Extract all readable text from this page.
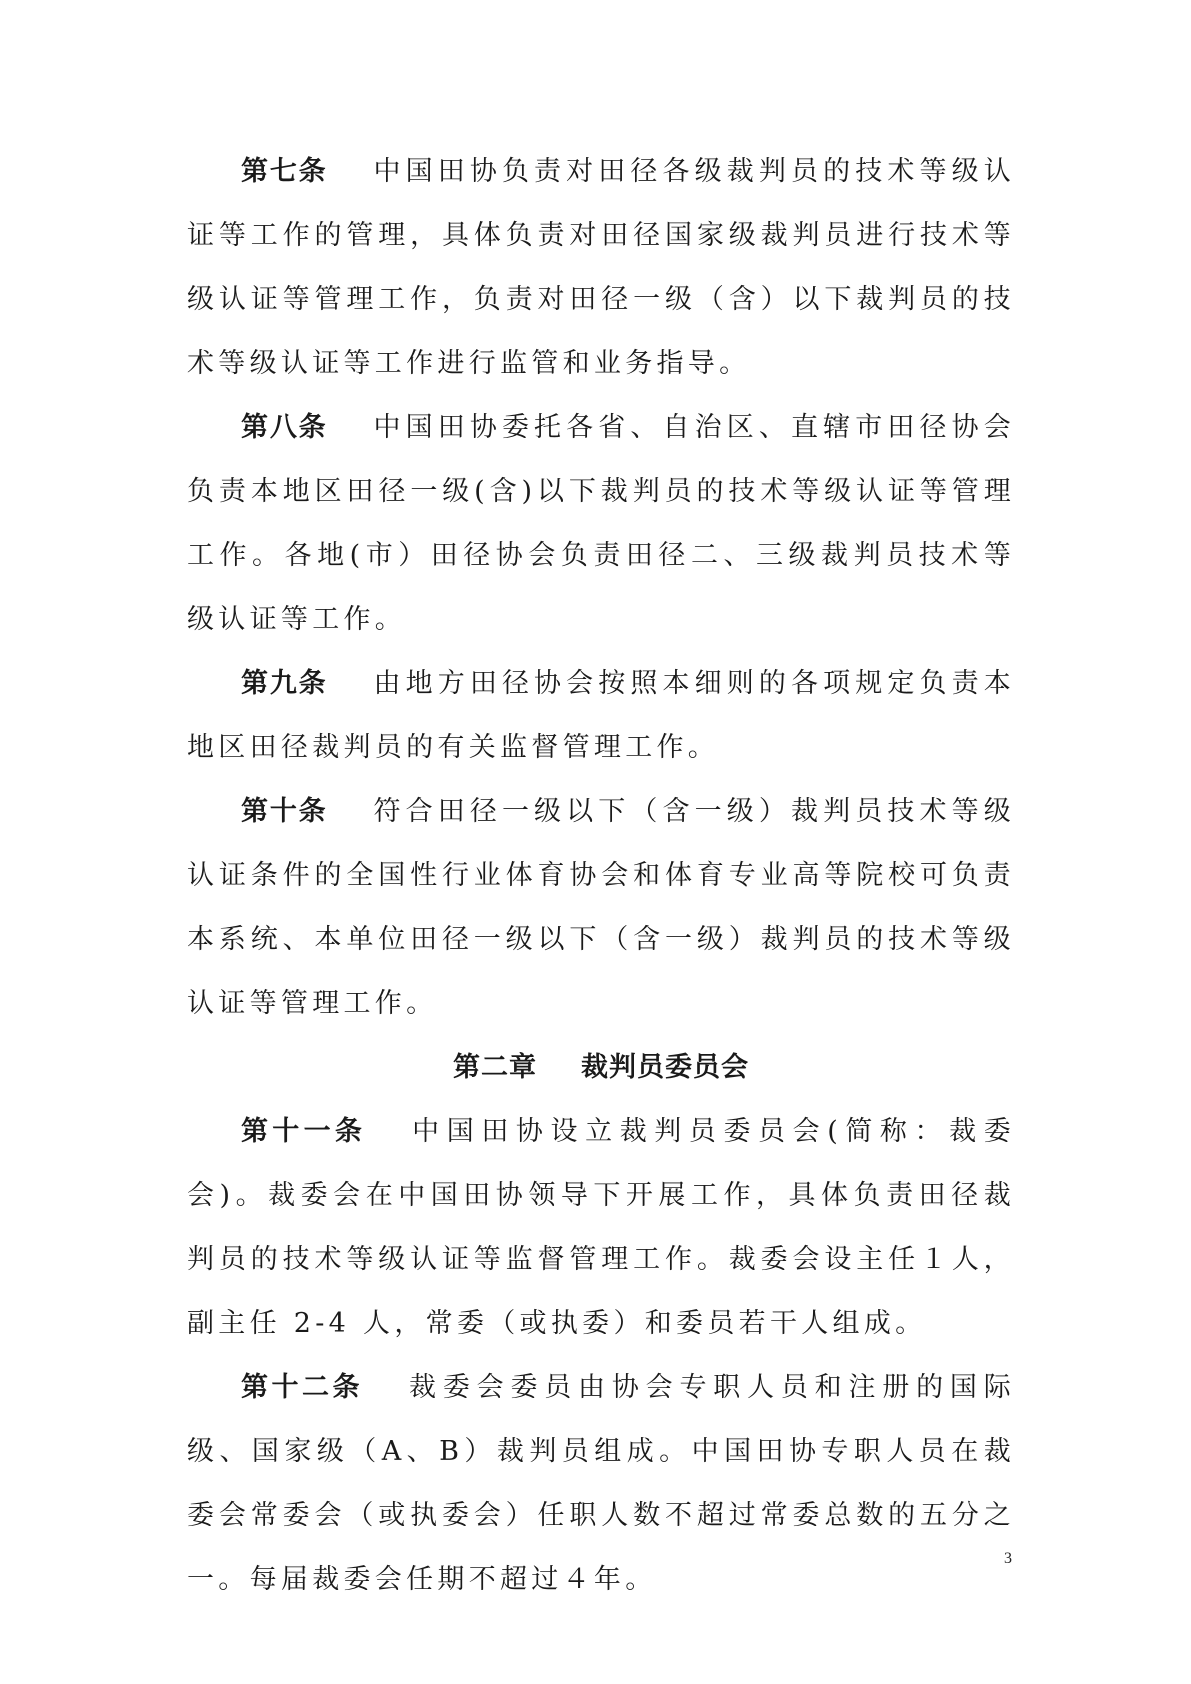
第七条 中国田协负责对田径各级裁判员的技术等级认证等工作的管理，具体负责对田径国家级裁判员进行技术等级认证等管理工作，负责对田径一级（含）以下裁判员的技术等级认证等工作进行监管和业务指导。

第八条 中国田协委托各省、自治区、直辖市田径协会负责本地区田径一级(含)以下裁判员的技术等级认证等管理工作。各地(市）田径协会负责田径二、三级裁判员技术等级认证等工作。

第九条 由地方田径协会按照本细则的各项规定负责本地区田径裁判员的有关监督管理工作。

第十条 符合田径一级以下（含一级）裁判员技术等级认证条件的全国性行业体育协会和体育专业高等院校可负责本系统、本单位田径一级以下（含一级）裁判员的技术等级认证等管理工作。

第二章 裁判员委员会

第十一条 中国田协设立裁判员委员会(简称：裁委会)。裁委会在中国田协领导下开展工作，具体负责田径裁判员的技术等级认证等监督管理工作。裁委会设主任１人，副主任 2-4 人，常委（或执委）和委员若干人组成。

第十二条 裁委会委员由协会专职人员和注册的国际级、国家级（A、B）裁判员组成。中国田协专职人员在裁委会常委会（或执委会）任职人数不超过常委总数的五分之一。每届裁委会任期不超过４年。

3
